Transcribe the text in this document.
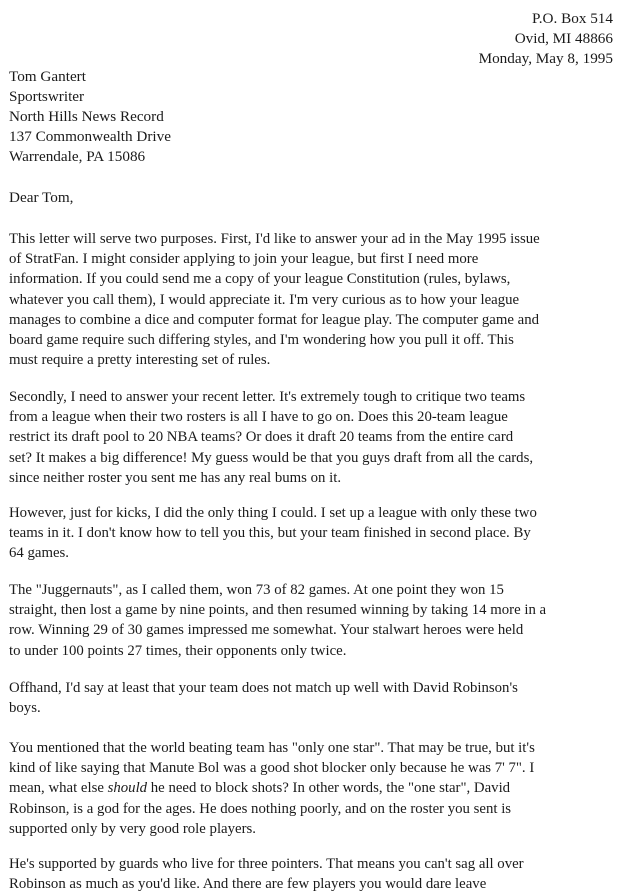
P.O. Box 514
Ovid, MI 48866
Monday, May 8, 1995
Tom Gantert
Sportswriter
North Hills News Record
137 Commonwealth Drive
Warrendale, PA 15086
Dear Tom,
This letter will serve two purposes. First, I'd like to answer your ad in the May 1995 issue
of StratFan. I might consider applying to join your league, but first I need more
information. If you could send me a copy of your league Constitution (rules, bylaws,
whatever you call them), I would appreciate it. I'm very curious as to how your league
manages to combine a dice and computer format for league play. The computer game and
board game require such differing styles, and I'm wondering how you pull it off. This
must require a pretty interesting set of rules.
Secondly, I need to answer your recent letter. It's extremely tough to critique two teams
from a league when their two rosters is all I have to go on. Does this 20-team league
restrict its draft pool to 20 NBA teams? Or does it draft 20 teams from the entire card
set? It makes a big difference! My guess would be that you guys draft from all the cards,
since neither roster you sent me has any real bums on it.
However, just for kicks, I did the only thing I could. I set up a league with only these two
teams in it. I don't know how to tell you this, but your team finished in second place. By
64 games.
The "Juggernauts", as I called them, won 73 of 82 games. At one point they won 15
straight, then lost a game by nine points, and then resumed winning by taking 14 more in a
row. Winning 29 of 30 games impressed me somewhat. Your stalwart heroes were held
to under 100 points 27 times, their opponents only twice.
Offhand, I'd say at least that your team does not match up well with David Robinson's
boys.
You mentioned that the world beating team has "only one star". That may be true, but it's
kind of like saying that Manute Bol was a good shot blocker only because he was 7' 7". I
mean, what else should he need to block shots? In other words, the "one star", David
Robinson, is a god for the ages. He does nothing poorly, and on the roster you sent is
supported only by very good role players.
He's supported by guards who live for three pointers. That means you can't sag all over
Robinson as much as you'd like. And there are few players you would dare leave
